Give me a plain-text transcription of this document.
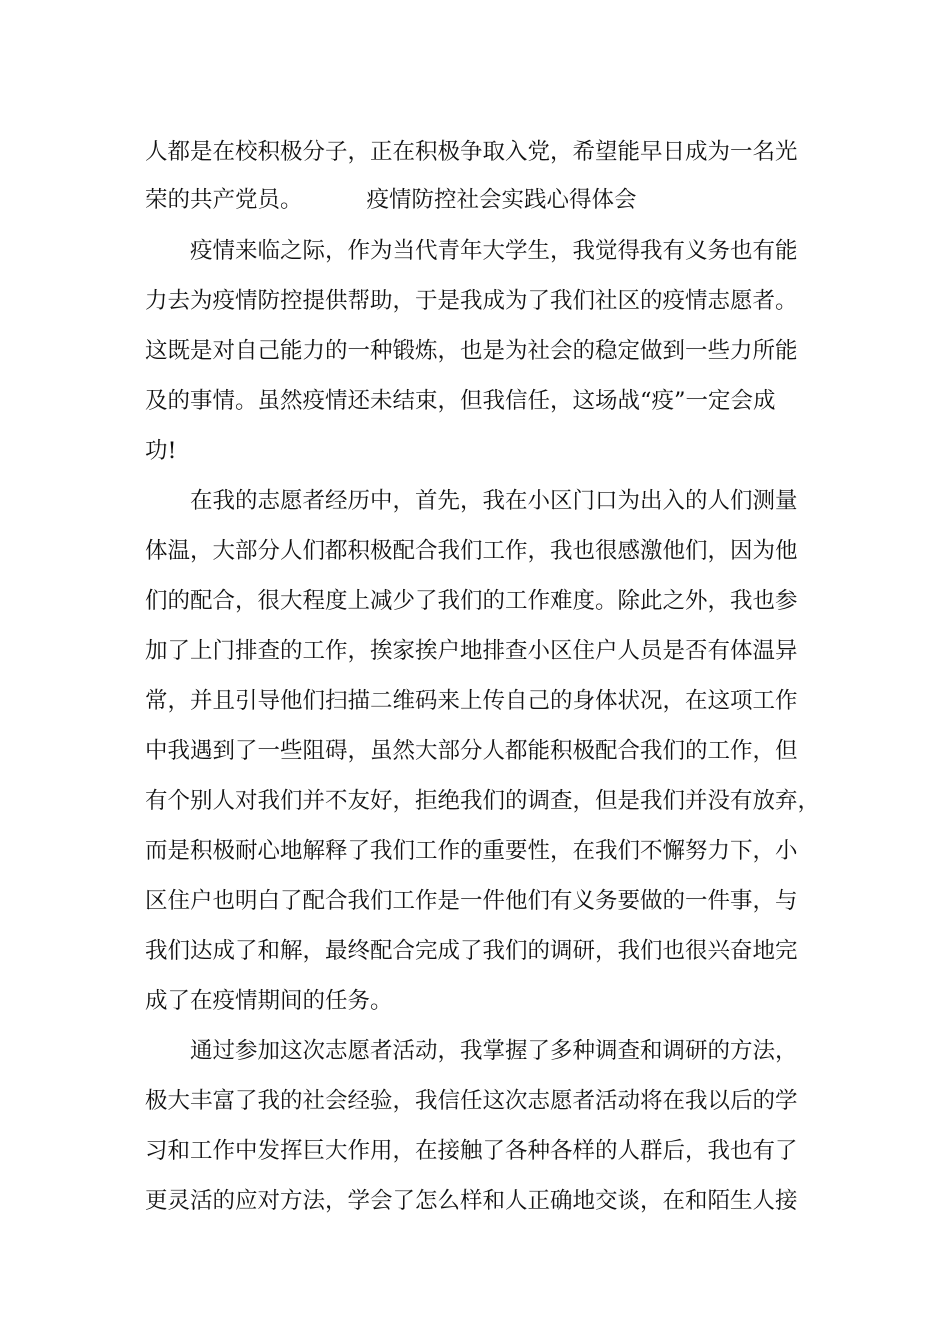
人都是在校积极分子，正在积极争取入党，希望能早日成为一名光

荣的共产党员。	疫情防控社会实践心得体会

疫情来临之际，作为当代青年大学生，我觉得我有义务也有能

力去为疫情防控提供帮助，于是我成为了我们社区的疫情志愿者。

这既是对自己能力的一种锻炼，也是为社会的稳定做到一些力所能

及的事情。虽然疫情还未结束，但我信任，这场战“疫”一定会成

功!

在我的志愿者经历中，首先，我在小区门口为出入的人们测量

体温，大部分人们都积极配合我们工作，我也很感激他们，因为他

们的配合，很大程度上减少了我们的工作难度。除此之外，我也参

加了上门排查的工作，挨家挨户地排查小区住户人员是否有体温异

常，并且引导他们扫描二维码来上传自己的身体状况，在这项工作

中我遇到了一些阻碍，虽然大部分人都能积极配合我们的工作，但

有个别人对我们并不友好，拒绝我们的调查，但是我们并没有放弃，

而是积极耐心地解释了我们工作的重要性，在我们不懈努力下，小

区住户也明白了配合我们工作是一件他们有义务要做的一件事，与

我们达成了和解，最终配合完成了我们的调研，我们也很兴奋地完

成了在疫情期间的任务。

通过参加这次志愿者活动，我掌握了多种调查和调研的方法，

极大丰富了我的社会经验，我信任这次志愿者活动将在我以后的学

习和工作中发挥巨大作用，在接触了各种各样的人群后，我也有了

更灵活的应对方法，学会了怎么样和人正确地交谈，在和陌生人接
